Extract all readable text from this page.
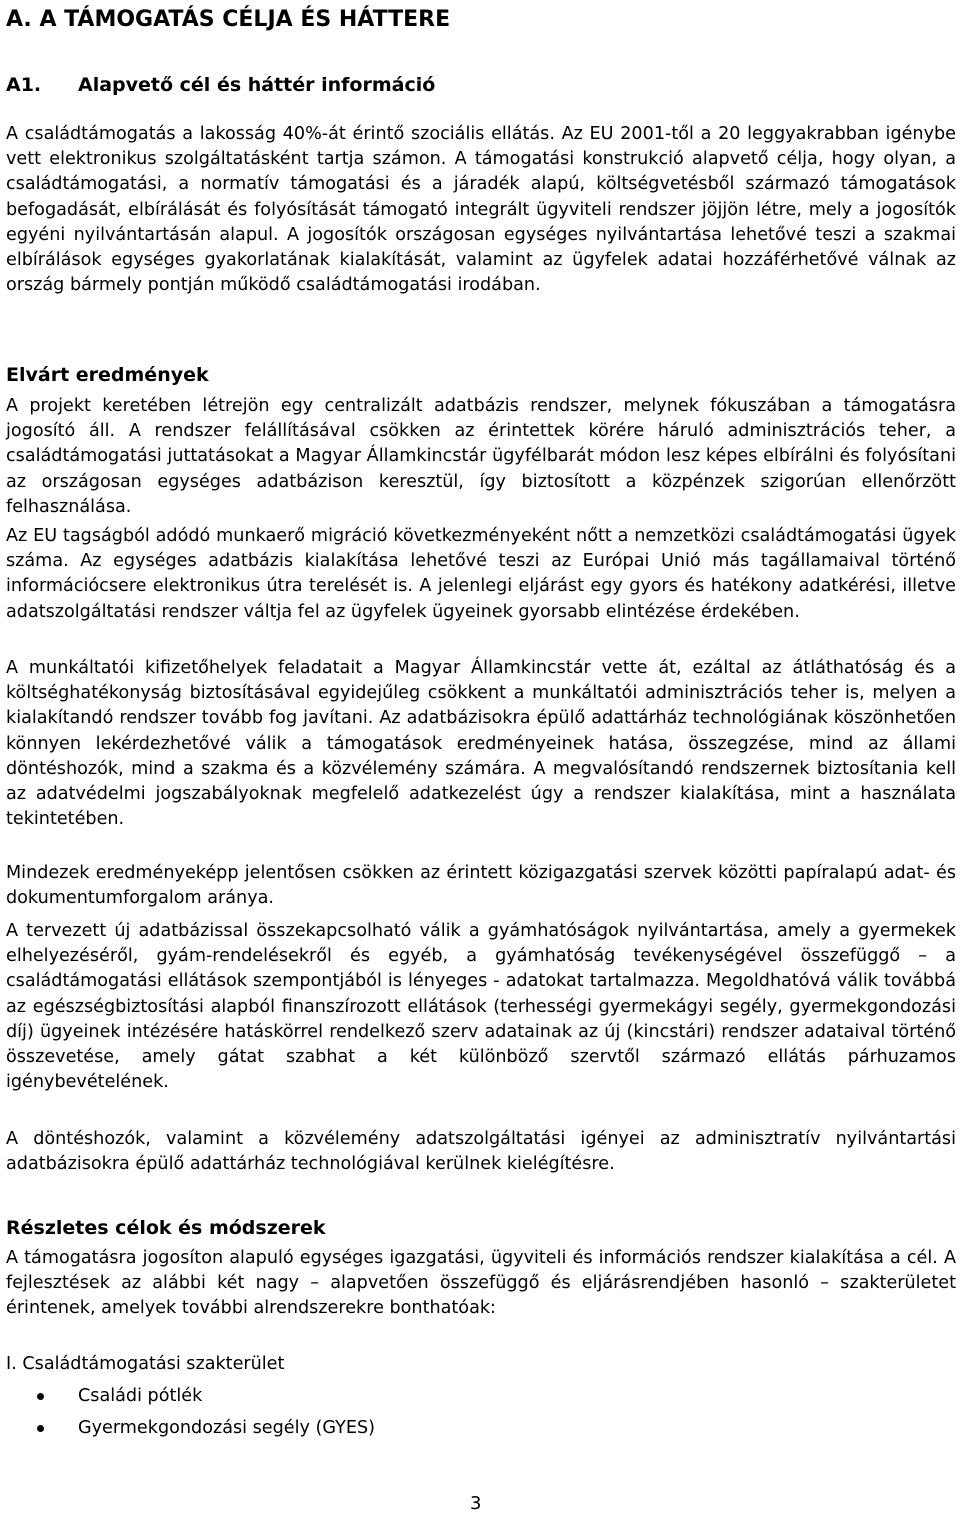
A. A TÁMOGATÁS CÉLJA ÉS HÁTTERE
A1. Alapvető cél és háttér információ

A családtámogatás a lakosság 40%-át érintő szociális ellátás. Az EU 2001-től a 20 leggyakrabban igénybe vett elektronikus szolgáltatásként tartja számon. A támogatási konstrukció alapvető célja, hogy olyan, a családtámogatási, a normatív támogatási és a járadék alapú, költségvetésből származó támogatások befogadását, elbírálását és folyósítását támogató integrált ügyviteli rendszer jöjjön létre, mely a jogosítók egyéni nyilvántartásán alapul. A jogosítók országosan egységes nyilvántartása lehetővé teszi a szakmai elbírálások egységes gyakorlatának kialakítását, valamint az ügyfelek adatai hozzáférhetővé válnak az ország bármely pontján működő családtámogatási irodában.

Elvárt eredmények

A projekt keretében létrejön egy centralizált adatbázis rendszer, melynek fókuszában a támogatásra jogosító áll. A rendszer felállításával csökken az érintettek körére háruló adminisztrációs teher, a családtámogatási juttatásokat a Magyar Államkincstár ügyfélbarát módon lesz képes elbírálni és folyósítani az országosan egységes adatbázison keresztül, így biztosított a közpénzek szigorúan ellenőrzött felhasználása.

Az EU tagságból adódó munkaerő migráció következményeként nőtt a nemzetközi családtámogatási ügyek száma. Az egységes adatbázis kialakítása lehetővé teszi az Európai Unió más tagállamaival történő információcsere elektronikus útra terelését is. A jelenlegi eljárást egy gyors és hatékony adatkérési, illetve adatszolgáltatási rendszer váltja fel az ügyfelek ügyeinek gyorsabb elintézése érdekében.

A munkáltatói kifizetőhelyek feladatait a Magyar Államkincstár vette át, ezáltal az átláthatóság és a költséghatékonyság biztosításával egyidejűleg csökkent a munkáltatói adminisztrációs teher is, melyen a kialakítandó rendszer tovább fog javítani. Az adatbázisokra épülő adattárház technológiának köszönhetően könnyen lekérdezhetővé válik a támogatások eredményeinek hatása, összegzése, mind az állami döntéshozók, mind a szakma és a közvélemény számára. A megvalósítandó rendszernek biztosítania kell az adatvédelmi jogszabályoknak megfelelő adatkezelést úgy a rendszer kialakítása, mint a használata tekintetében.

Mindezek eredményeképp jelentősen csökken az érintett közigazgatási szervek közötti papíralapú adat- és dokumentumforgalom aránya.

A tervezett új adatbázissal összekapcsolható válik a gyámhatóságok nyilvántartása, amely a gyermekek elhelyezéséről, gyám-rendelésekről és egyéb, a gyámhatóság tevékenységével összefüggő – a családtámogatási ellátások szempontjából is lényeges - adatokat tartalmazza. Megoldhatóvá válik továbbá az egészségbiztosítási alapból finanszírozott ellátások (terhességi gyermekágyi segély, gyermekgondozási díj) ügyeinek intézésére hatáskörrel rendelkező szerv adatainak az új (kincstári) rendszer adataival történő összevetése, amely gátat szabhat a két különböző szervtől származó ellátás párhuzamos igénybevételének.

A döntéshozók, valamint a közvélemény adatszolgáltatási igényei az adminisztratív nyilvántartási adatbázisokra épülő adattárház technológiával kerülnek kielégítésre.

Részletes célok és módszerek

A támogatásra jogosíton alapuló egységes igazgatási, ügyviteli és információs rendszer kialakítása a cél. A fejlesztések az alábbi két nagy – alapvetően összefüggő és eljárásrendjében hasonló – szakterületet érintenek, amelyek további alrendszerekre bonthatóak:

I. Családtámogatási szakterület

Családi pótlék
Gyermekgondozási segély (GYES)
3
